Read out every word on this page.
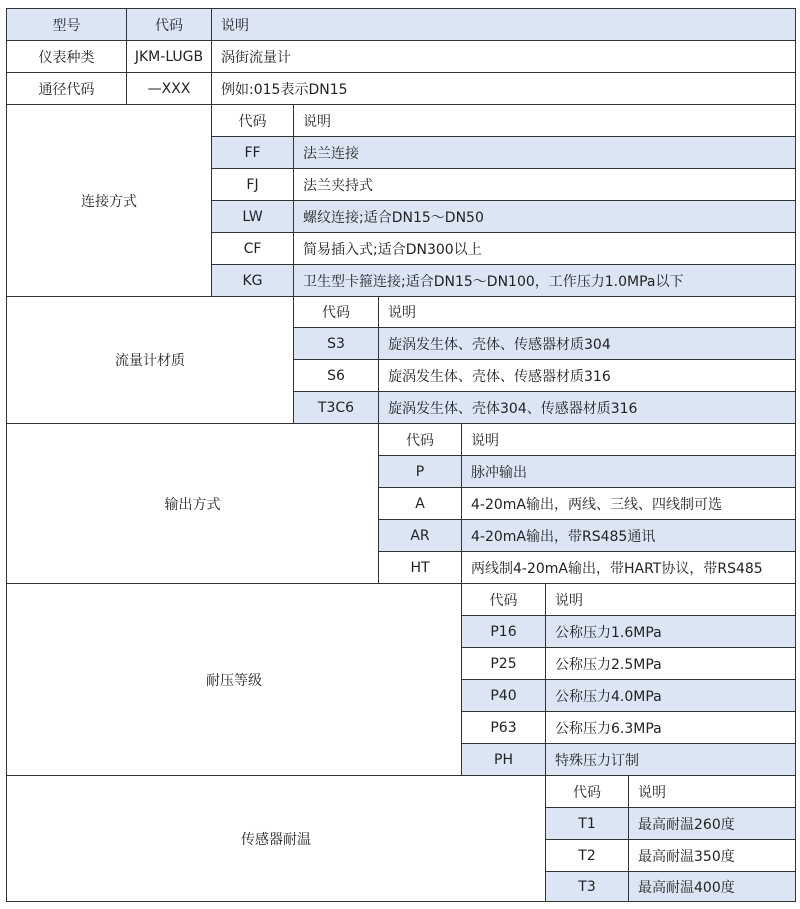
型号	代码	说明
仪表种类	JKM-LUGB	涡街流量计
通径代码	—XXX	例如:015表示DN15
连接方式
代码	说明
FF	法兰连接
FJ	法兰夹持式
LW	螺纹连接;适合DN15～DN50
CF	简易插入式;适合DN300以上
KG	卫生型卡箍连接;适合DN15～DN100，工作压力1.0MPa以下
流量计材质
代码	说明
S3	旋涡发生体、壳体、传感器材质304
S6	旋涡发生体、壳体、传感器材质316
T3C6	旋涡发生体、壳体304、传感器材质316
输出方式
代码	说明
P	脉冲输出
A	4-20mA输出，两线、三线、四线制可选
AR	4-20mA输出，带RS485通讯
HT	两线制4-20mA输出，带HART协议，带RS485
耐压等级
代码	说明
P16	公称压力1.6MPa
P25	公称压力2.5MPa
P40	公称压力4.0MPa
P63	公称压力6.3MPa
PH	特殊压力订制
传感器耐温
代码	说明
T1	最高耐温260度
T2	最高耐温350度
T3	最高耐温400度
